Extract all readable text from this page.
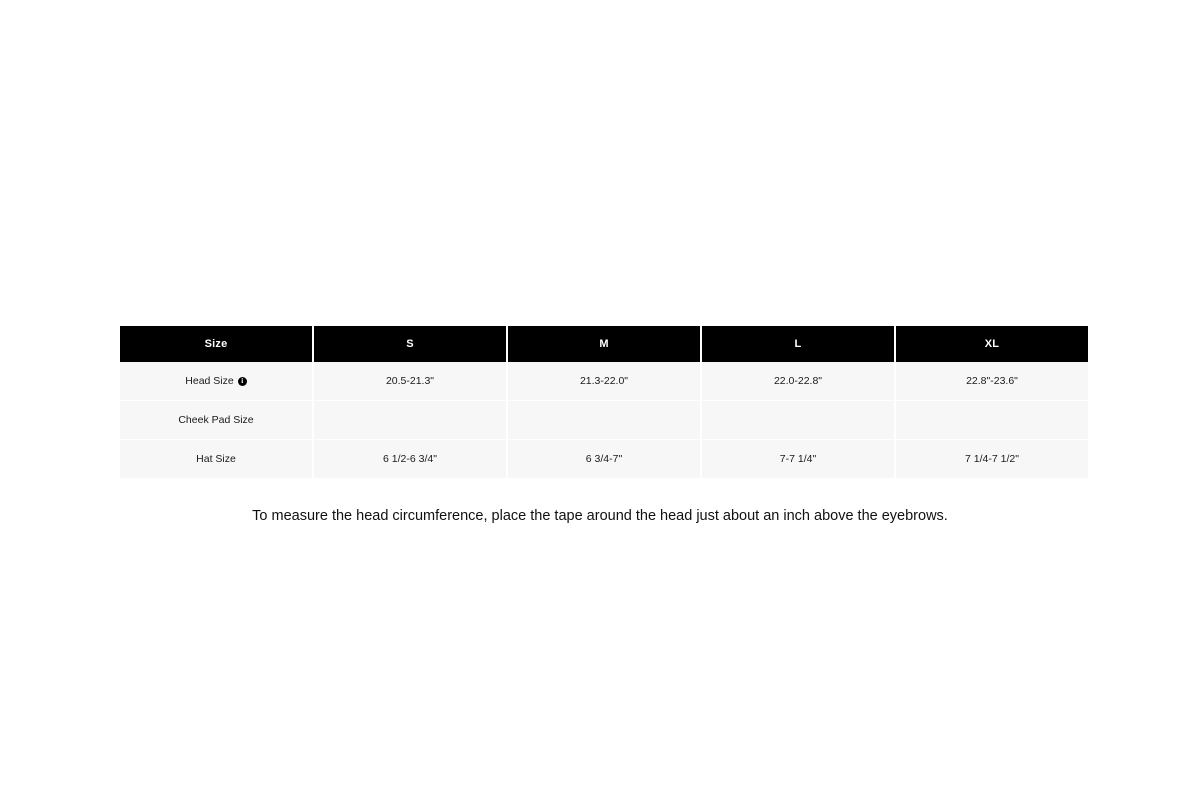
Size	S	M	L	XL

Head Size i	20.5-21.3"	21.3-22.0"	22.0-22.8"	22.8"-23.6"

Cheek Pad Size				

Hat Size	6 1/2-6 3/4"	6 3/4-7"	7-7 1/4"	7 1/4-7 1/2"
To measure the head circumference, place the tape around the head just about an inch above the eyebrows.
